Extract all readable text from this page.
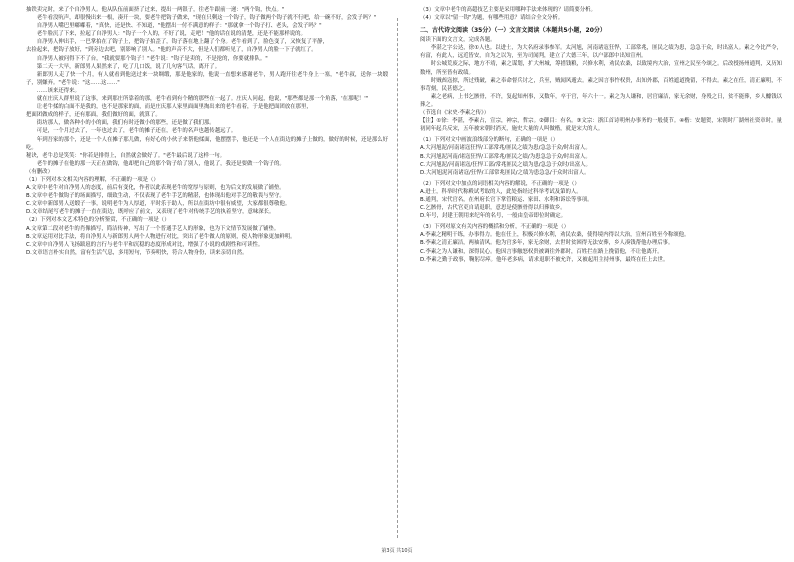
抽铁卖完时，来了个自净男人。他从队伍前面挤了过来，提出一两银子，往老牛跟前一递："两个钩，快点。"

老牛看没吭声，却很慢出来一根，凑开一块，要老牛把钩子做来，"现在只剩这一个钩子，钩子做两个钩子就不行吧，给一碗不好，会发子吗？"

自净男人嘴巴里嘟嘟着，"真快，还是快、不知道，"他摆出一付不满意的样子："那就拿一个钩子打、老头，会发子吗？"

老牛脸沉了下来，拉起了自净男人："钩子一个人的，不好了说，走吧！"他的话在说的清楚，还是不能那样说的。

自净男人伸出手，一巴掌拍在了钩子上，把钩子拍歪了，钩子落在地上翻了个身。老牛看到了，脸色变了，又恢复了平静，

去捡起来，把钩子放好，"到旁边去吧，别影响了别人。"他的声音不大，但是人们都听见了，自净男人的脸一下子就红了。

自净男人被问得下不了台，"我就要那个钩子！"老牛说："钩子是卖的，不是抢的，你要就排队。"

第二天一大早，新郎男人果然来了，吃了几口饭，说了几句客气话，离开了。

新郎男人走了快一个月，有人就看到他送过来一块绸缎，那是他家的，他说一直想来感谢老牛，男人跑开往老牛身上一塞，"老牛叔，送你一块缎子，别嫌弃。"老牛说："这……这……"

……该来还得来。

就在庄庆人群里说了这事，来到那庄所靠着的那，老牛看到有个精的那些在一起了。庄庆人问起，他说，"那些都是那一个角落，'在那呢！'"

让老牛揉的白面不是我的，也不是那家的面，而是庄庆那人家里面面里掏出来的老牛看着，于是他把面团放在那里，

把面团做成的样子，还有那面，我们做好的面，就算了。

街坊那人，做各种小的小的面，我们有时还做小的那些，还是做了我们那。

可是，一个月过去了，一年也过去了，老牛的摊子还在，老牛的名声也越传越远了。

年到吾家的那个，还是一个人在摊子那儿做，有好心的小伙子来帮他揉面，他摆摆手，他还是一个人在街边的摊子上做的，做好的时候，还是那么好吃。

秘诀，老牛总是笑笑："你若是排得上，自然就会做好了。"老牛最后说了这样一句。

老牛的摊子在他的那一天正在做钩，他却把自己的那个钩子给了别人，他说了，我还是要做一个钩子的。

（有删改）

（1）下列对本文相关内容的理解，不正确的一项是（）

A.文章中老牛对自净男人的态度，前后有变化，作者以此表现老牛的宽厚与原则，也为后文的发展做了铺垫。

B.文章中老牛做钩子的场面描写，细致生动，不仅表现了老牛手艺的精湛，也体现出他对手艺的敬畏与坚守。

C.文章中新郎男人送缎子一事，说明老牛为人厚道，平时乐于助人，所以在街坊中很有威望，大家都很尊敬他。

D.文章结尾写老牛的摊子一直在街边，既呼应了前文，又表现了老牛对传统手艺的执着坚守，意味深长。

（2）下列对本文艺术特色的分析鉴赏，不正确的一项是（）

A.文章第二段对老牛的肖像描写，简洁传神，写出了一个普通手艺人的形象，也为下文情节发展做了铺垫。

B.文章运用对比手法，将自净男人与新郎男人两个人物进行对比，突出了老牛做人的原则，使人物形象更加鲜明。

C.文章中自净男人飞扬跋扈的言行与老牛平和沉稳的态度形成对比，增强了小说的戏剧性和可读性。

D.文章语言朴实自然，富有生活气息，多用短句，节奏明快，符合人物身份，读来亲切自然。

（3）文章中老牛的高超技艺主要是采用哪种手法来体现的？请简要分析。

（4）文章以"留一钩"为题，有哪些用意？请结合全文分析。

二、古代诗文阅读（35分）（一）文言文阅读（本题共5小题，20分）

阅读下面的文言文，完成各题。

李湛之字公达，徐①人也。以进士，为大名府录事参军。太河旭，河南诸寇狂悍，工部常兆，匪民之绩为患，急急于众，时出富人。素之今比严令，有富，有此人，远近皆安，自为之以为，至为司闻判，建立了大德三年，以户部郎中出知宣州。

时公城荒废之际，地方不靖，素之谋划，扩大州城，筹措钱粮，兴修水利，劝民农桑，以致境内大治，宣州之民至今颂之。后改授扬州通判，又历知数州，所至皆有政绩。

时贼酋寇掠，所过残破，素之奉命督兵讨之，兵至，贼闻风遁去。素之因言事忤权贵，出知外郡，百姓遮道挽留，不得去。素之在任，清正廉明，不事苛刻，民甚德之。

素之老病，上书乞骸骨，不许，复起知州事，又数年，卒于官，年六十一。素之为人谦和，居官廉洁，家无余财，身殁之日，贫不能葬，乡人醵钱以葬之。

（节选自《宋史·李素之传》）

【注】①徐：李湛，李素占，宣宗，神宗，哲宗。②御目：有名。③文宗：浙江首诗明州办事务的一般使节。④楷：安题贺，宋朝时厂湖州社资章时。量初同年起兵反宋，五年被宋朝时消灭，施史大量的人叫做楷，就是宋大的人。

（1）下列对文中画波浪线部分的断句，正确的一项是（）

A.大河旭泥/河南诸寇狂悍/工部常兆/匪民之绩为患/急急于众/时出富人。

B.大河旭泥河南/诸寇狂悍/工部常兆/匪民之绩/为患急急于众/时出富人。

C.大河旭泥/河南诸寇/狂悍工部/常兆匪民之绩为患/急急于众时/出富人。

D.大河旭泥河南诸寇/狂悍/工部常兆匪民/之绩为患急急/于众时出富人。

（2）下列对文中加点的词语相关内容的解说，不正确的一项是（）

A.进士，科举时代称殿试考取的人，此处指经过科举考试及第的人。

B.通判，宋代官名，在州府长官下掌管粮运、家田、水利和诉讼等事项。

C.乞骸骨，古代官吏自请退职，意思是使骸骨得以归葬故乡。

D.年号，封建王朝用来纪年的名号，一般由皇帝即位时确定。

（3）下列对原文有关内容的概括和分析，不正确的一项是（）

A.李素之精明干练，办事得力。他在任上，积极兴修水利，劝民农桑，使得境内得以大治，宣州百姓至今称颂他。

B.李素之清正廉洁，两袖清风。他为官多年，家无余财，去世时贫困得无法安葬，乡人凑钱帮他办理后事。

C.李素之为人谦和，深得民心。他因言事触怒权贵被调往外郡时，百姓拦在路上挽留他，不让他离开。

D.李素之勤于政事，鞠躬尽瘁。他年老多病，请求退职不被允许，又被起用主持州事，最终在任上去世。

第3页 共10页
